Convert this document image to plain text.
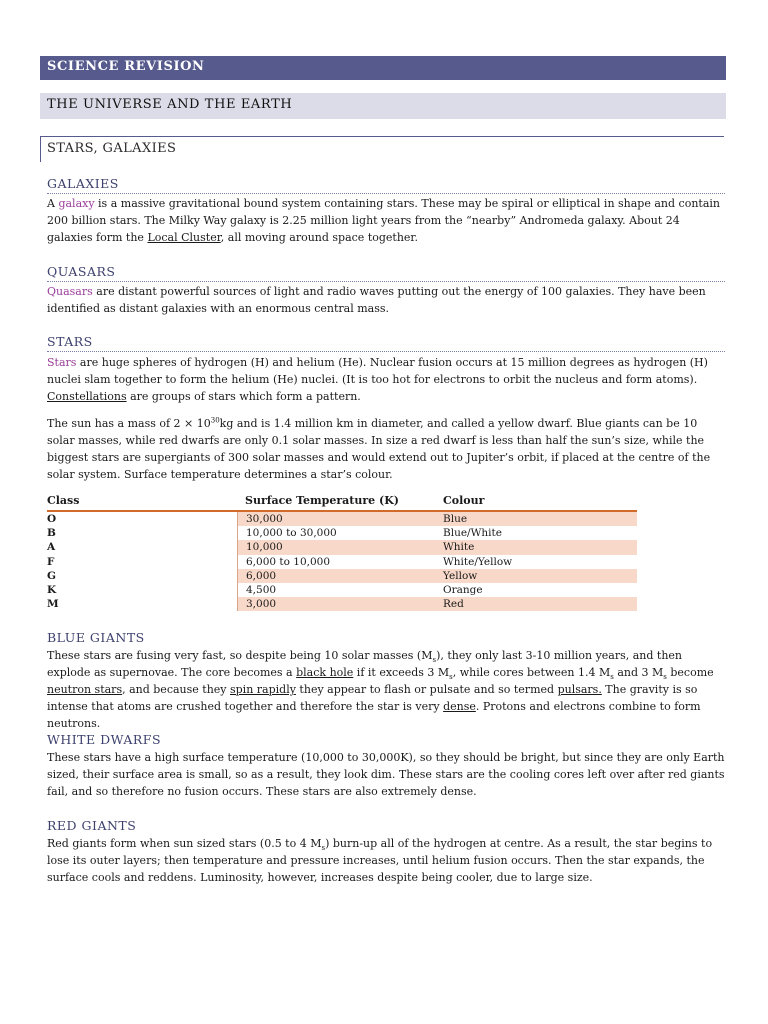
SCIENCE REVISION
THE UNIVERSE AND THE EARTH
STARS, GALAXIES
GALAXIES
A galaxy is a massive gravitational bound system containing stars. These may be spiral or elliptical in shape and contain 200 billion stars. The Milky Way galaxy is 2.25 million light years from the “nearby” Andromeda galaxy. About 24 galaxies form the Local Cluster, all moving around space together.
QUASARS
Quasars are distant powerful sources of light and radio waves putting out the energy of 100 galaxies. They have been identified as distant galaxies with an enormous central mass.
STARS
Stars are huge spheres of hydrogen (H) and helium (He). Nuclear fusion occurs at 15 million degrees as hydrogen (H) nuclei slam together to form the helium (He) nuclei. (It is too hot for electrons to orbit the nucleus and form atoms). Constellations are groups of stars which form a pattern.
The sun has a mass of $2 \times 10^{30}kg$ and is 1.4 million km in diameter, and called a yellow dwarf. Blue giants can be 10 solar masses, while red dwarfs are only 0.1 solar masses. In size a red dwarf is less than half the sun’s size, while the biggest stars are supergiants of 300 solar masses and would extend out to Jupiter’s orbit, if placed at the centre of the solar system. Surface temperature determines a star’s colour.
Class	Surface Temperature (K)	Colour
O	30,000	Blue
B	10,000 to 30,000	Blue/White
A	10,000	White
F	6,000 to 10,000	White/Yellow
G	6,000	Yellow
K	4,500	Orange
M	3,000	Red
BLUE GIANTS
These stars are fusing very fast, so despite being 10 solar masses $(M_s)$, they only last 3-10 million years, and then explode as supernovae. The core becomes a black hole if it exceeds 3 $M_s$, while cores between 1.4 $M_s$ and 3 $M_s$ become neutron stars, and because they spin rapidly they appear to flash or pulsate and so termed pulsars. The gravity is so intense that atoms are crushed together and therefore the star is very dense. Protons and electrons combine to form neutrons.
WHITE DWARFS
These stars have a high surface temperature (10,000 to 30,000K), so they should be bright, but since they are only Earth sized, their surface area is small, so as a result, they look dim. These stars are the cooling cores left over after red giants fail, and so therefore no fusion occurs. These stars are also extremely dense.
RED GIANTS
Red giants form when sun sized stars (0.5 to 4 $M_s$) burn-up all of the hydrogen at centre. As a result, the star begins to lose its outer layers; then temperature and pressure increases, until helium fusion occurs. Then the star expands, the surface cools and reddens. Luminosity, however, increases despite being cooler, due to large size.
